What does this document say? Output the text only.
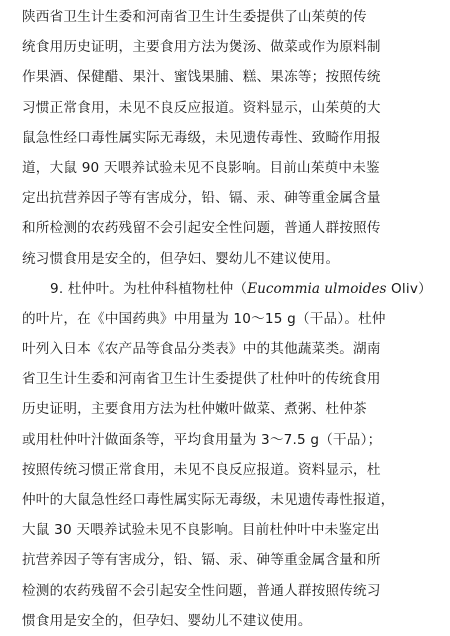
陕西省卫生计生委和河南省卫生计生委提供了山茱萸的传
统食用历史证明，主要食用方法为煲汤、做菜或作为原料制
作果酒、保健醋、果汁、蜜饯果脯、糕、果冻等；按照传统
习惯正常食用，未见不良反应报道。资料显示，山茱萸的大
鼠急性经口毒性属实际无毒级，未见遗传毒性、致畸作用报
道，大鼠 90 天喂养试验未见不良影响。目前山茱萸中未鉴
定出抗营养因子等有害成分，铅、镉、汞、砷等重金属含量
和所检测的农药残留不会引起安全性问题，普通人群按照传
统习惯食用是安全的，但孕妇、婴幼儿不建议使用。
9. 杜仲叶。为杜仲科植物杜仲（Eucommia ulmoides Oliv）
的叶片，在《中国药典》中用量为 10～15 g（干品）。杜仲
叶列入日本《农产品等食品分类表》中的其他蔬菜类。湖南
省卫生计生委和河南省卫生计生委提供了杜仲叶的传统食用
历史证明，主要食用方法为杜仲嫩叶做菜、煮粥、杜仲茶
或用杜仲叶汁做面条等，平均食用量为 3～7.5 g（干品）；
按照传统习惯正常食用，未见不良反应报道。资料显示，杜
仲叶的大鼠急性经口毒性属实际无毒级，未见遗传毒性报道，
大鼠 30 天喂养试验未见不良影响。目前杜仲叶中未鉴定出
抗营养因子等有害成分，铅、镉、汞、砷等重金属含量和所
检测的农药残留不会引起安全性问题，普通人群按照传统习
惯食用是安全的，但孕妇、婴幼儿不建议使用。
